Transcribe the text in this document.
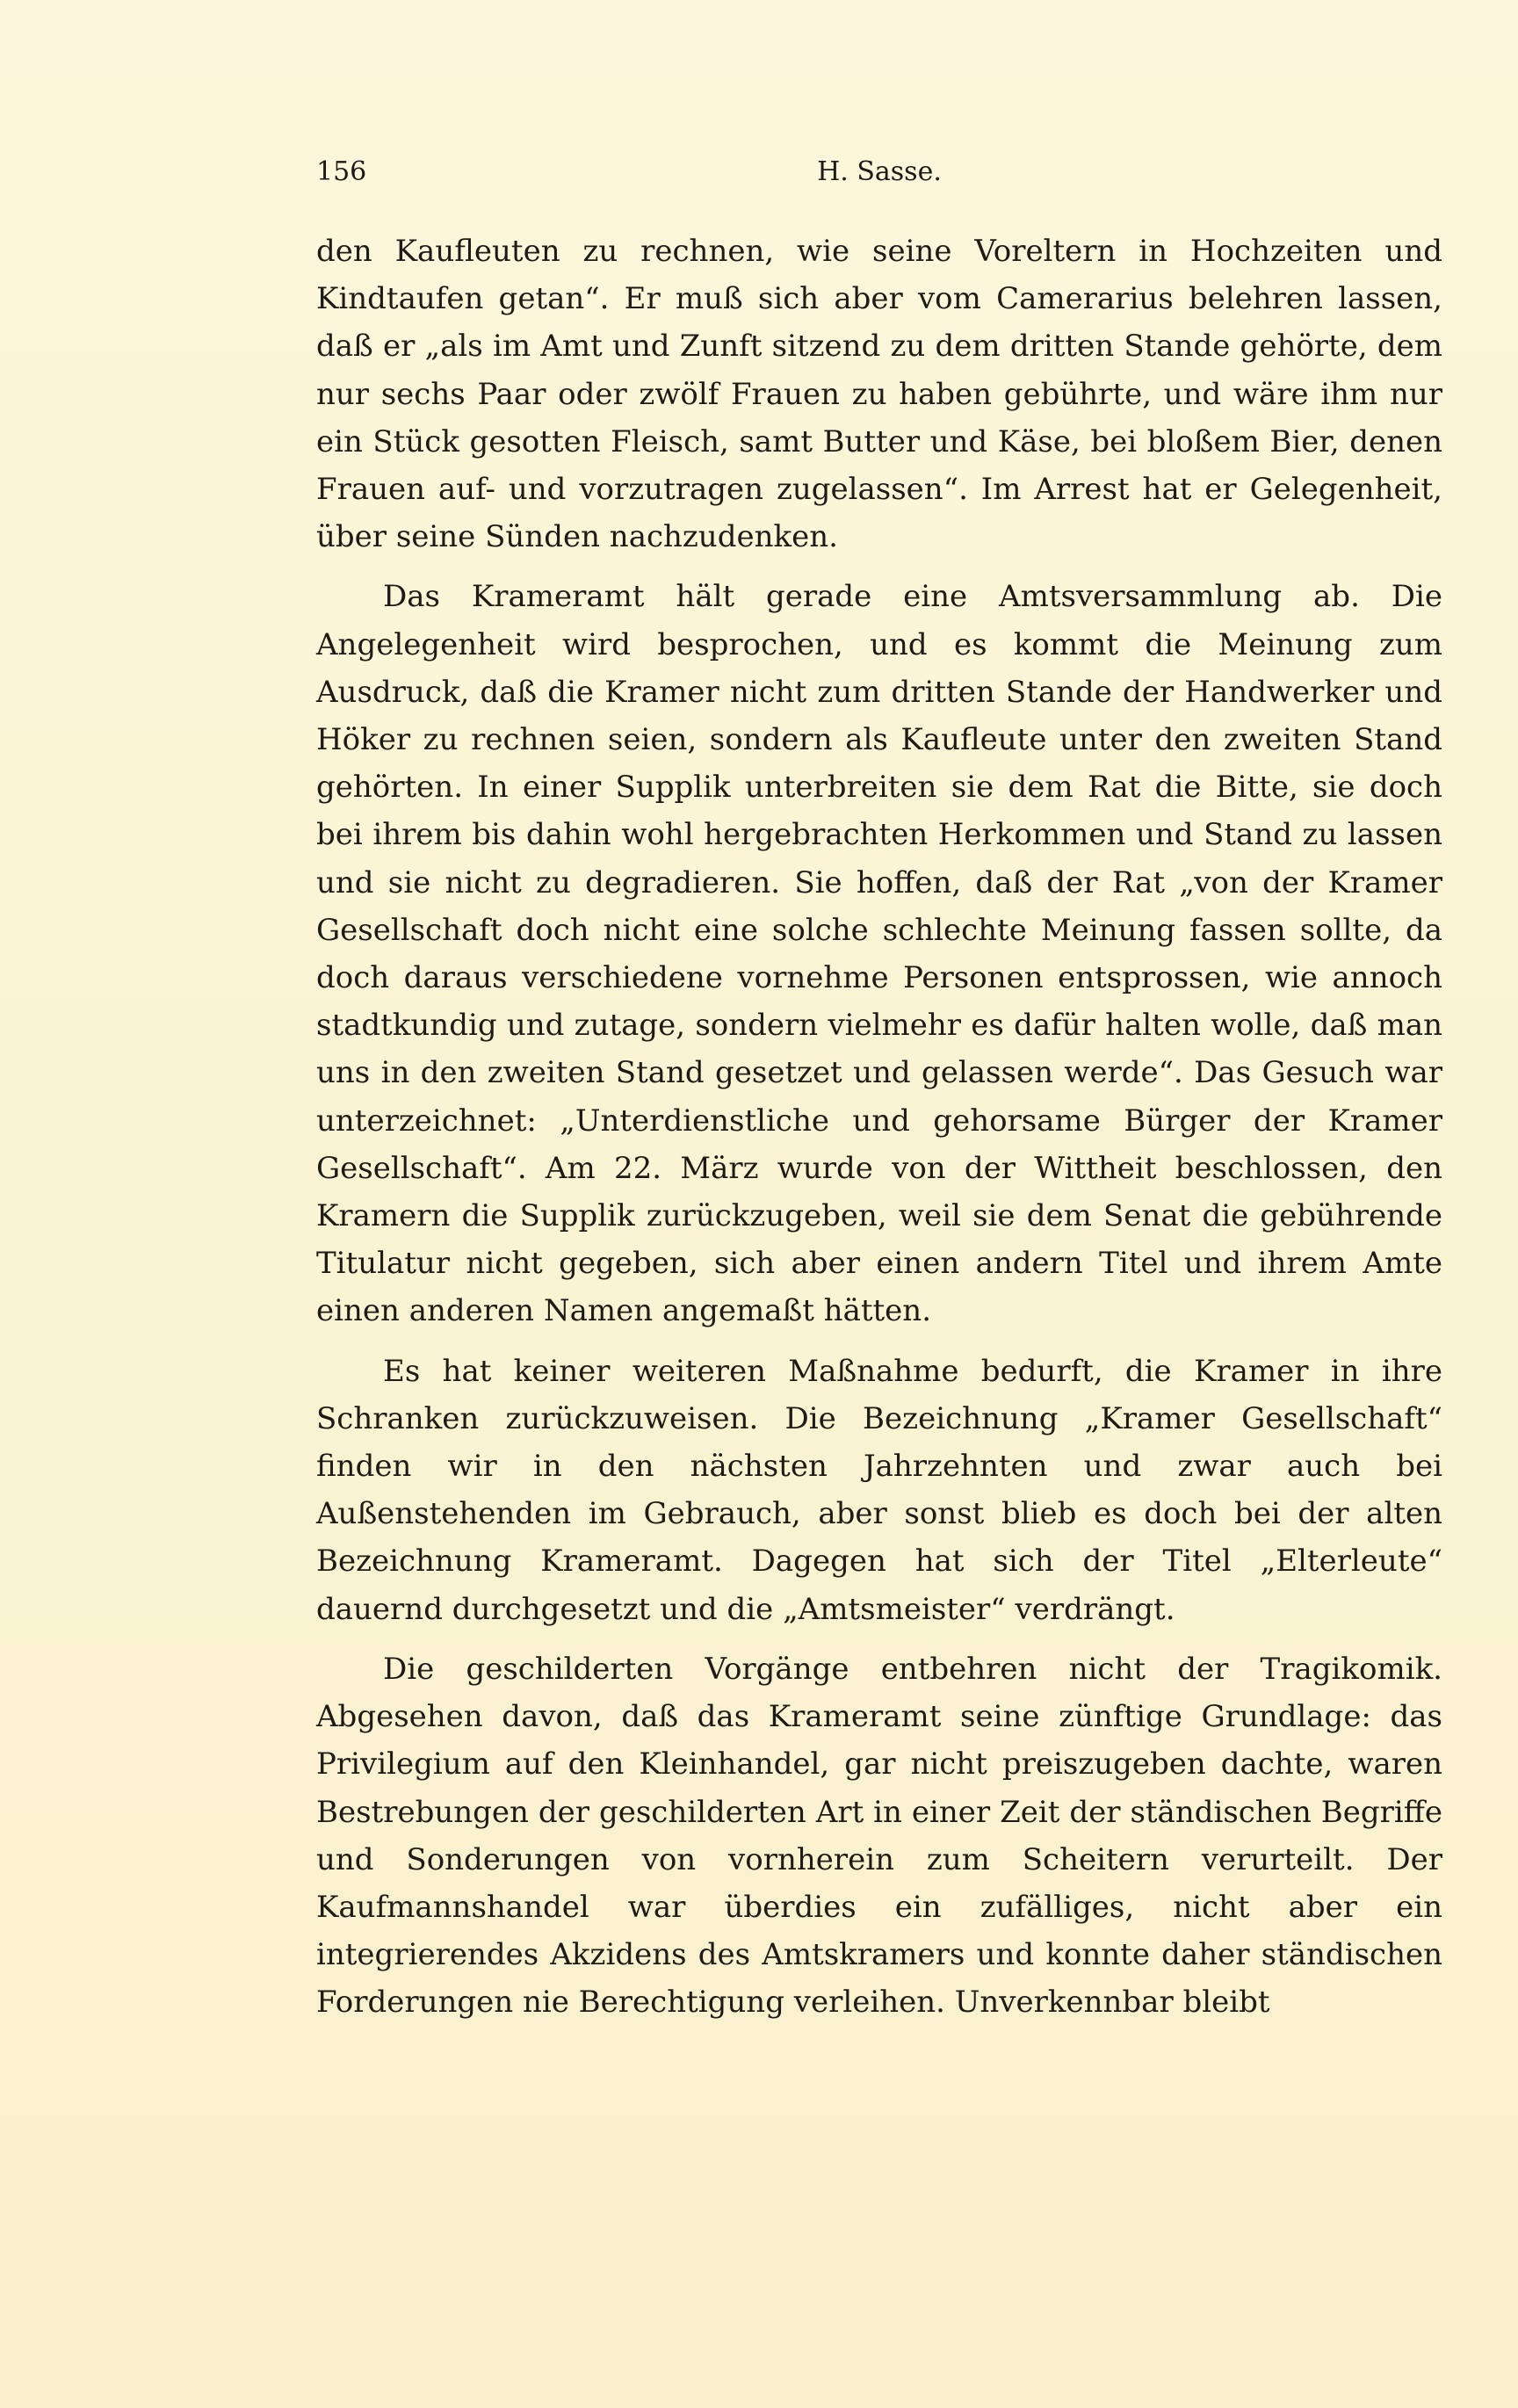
156	H. Sasse.

den Kaufleuten zu rechnen, wie seine Voreltern in Hochzeiten und Kindtaufen getan“. Er muß sich aber vom Camerarius belehren lassen, daß er „als im Amt und Zunft sitzend zu dem dritten Stande gehörte, dem nur sechs Paar oder zwölf Frauen zu haben gebührte, und wäre ihm nur ein Stück gesotten Fleisch, samt Butter und Käse, bei bloßem Bier, denen Frauen auf- und vorzutragen zugelassen“. Im Arrest hat er Gelegenheit, über seine Sünden nachzudenken.

Das Krameramt hält gerade eine Amtsversammlung ab. Die Angelegenheit wird besprochen, und es kommt die Meinung zum Ausdruck, daß die Kramer nicht zum dritten Stande der Handwerker und Höker zu rechnen seien, sondern als Kaufleute unter den zweiten Stand gehörten. In einer Supplik unterbreiten sie dem Rat die Bitte, sie doch bei ihrem bis dahin wohl hergebrachten Herkommen und Stand zu lassen und sie nicht zu degradieren. Sie hoffen, daß der Rat „von der Kramer Gesellschaft doch nicht eine solche schlechte Meinung fassen sollte, da doch daraus verschiedene vornehme Personen entsprossen, wie annoch stadtkundig und zutage, sondern vielmehr es dafür halten wolle, daß man uns in den zweiten Stand gesetzet und gelassen werde“. Das Gesuch war unterzeichnet: „Unterdienstliche und gehorsame Bürger der Kramer Gesellschaft“. Am 22. März wurde von der Wittheit beschlossen, den Kramern die Supplik zurückzugeben, weil sie dem Senat die gebührende Titulatur nicht gegeben, sich aber einen andern Titel und ihrem Amte einen anderen Namen angemaßt hätten.

Es hat keiner weiteren Maßnahme bedurft, die Kramer in ihre Schranken zurückzuweisen. Die Bezeichnung „Kramer Gesellschaft“ finden wir in den nächsten Jahrzehnten und zwar auch bei Außenstehenden im Gebrauch, aber sonst blieb es doch bei der alten Bezeichnung Krameramt. Dagegen hat sich der Titel „Elterleute“ dauernd durchgesetzt und die „Amtsmeister“ verdrängt.

Die geschilderten Vorgänge entbehren nicht der Tragikomik. Abgesehen davon, daß das Krameramt seine zünftige Grundlage: das Privilegium auf den Kleinhandel, gar nicht preiszugeben dachte, waren Bestrebungen der geschilderten Art in einer Zeit der ständischen Begriffe und Sonderungen von vornherein zum Scheitern verurteilt. Der Kaufmannshandel war überdies ein zufälliges, nicht aber ein integrierendes Akzidens des Amtskramers und konnte daher ständischen Forderungen nie Berechtigung verleihen. Unverkennbar bleibt
